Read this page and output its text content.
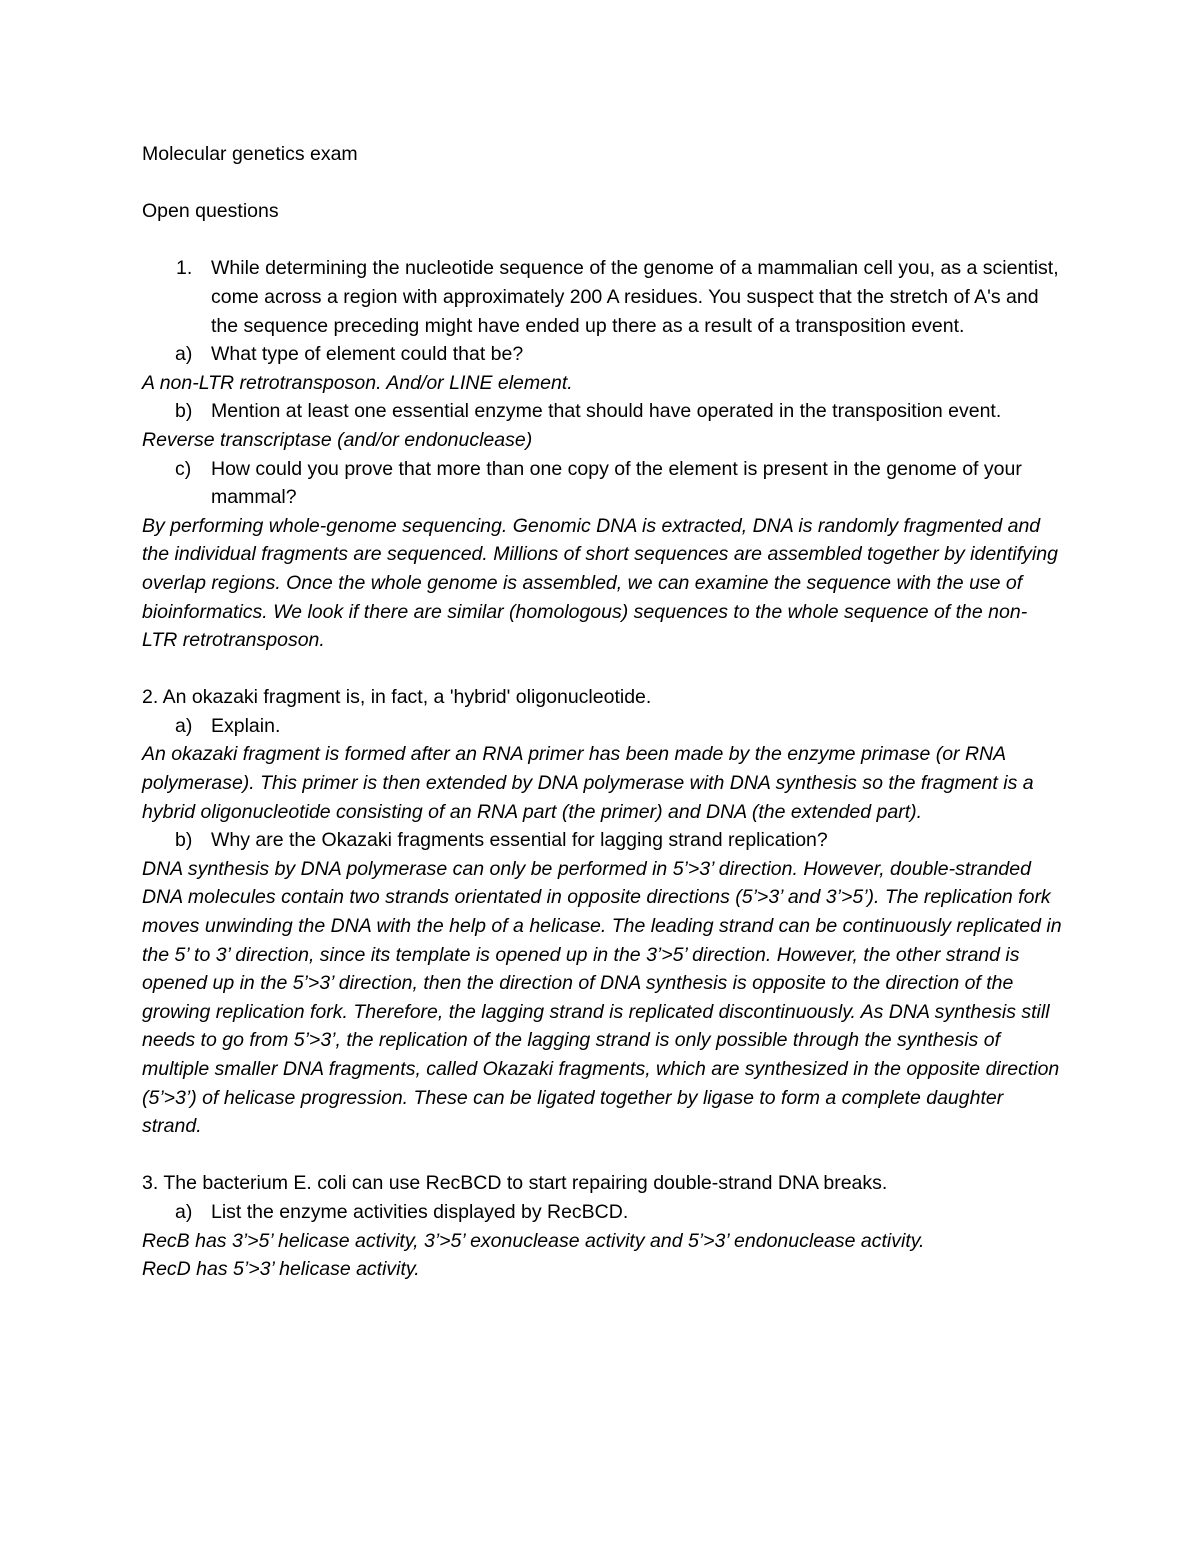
Molecular genetics exam

Open questions

1. While determining the nucleotide sequence of the genome of a mammalian cell you, as a scientist, come across a region with approximately 200 A residues. You suspect that the stretch of A's and the sequence preceding might have ended up there as a result of a transposition event.
a) What type of element could that be?

A non-LTR retrotransposon. And/or LINE element.

b) Mention at least one essential enzyme that should have operated in the transposition event.

Reverse transcriptase (and/or endonuclease)

c) How could you prove that more than one copy of the element is present in the genome of your mammal?

By performing whole-genome sequencing. Genomic DNA is extracted, DNA is randomly fragmented and the individual fragments are sequenced. Millions of short sequences are assembled together by identifying overlap regions. Once the whole genome is assembled, we can examine the sequence with the use of bioinformatics. We look if there are similar (homologous) sequences to the whole sequence of the non-LTR retrotransposon.

2. An okazaki fragment is, in fact, a 'hybrid' oligonucleotide.

a) Explain.

An okazaki fragment is formed after an RNA primer has been made by the enzyme primase (or RNA polymerase). This primer is then extended by DNA polymerase with DNA synthesis so the fragment is a hybrid oligonucleotide consisting of an RNA part (the primer) and DNA (the extended part).

b) Why are the Okazaki fragments essential for lagging strand replication?

DNA synthesis by DNA polymerase can only be performed in 5’>3’ direction. However, double-stranded DNA molecules contain two strands orientated in opposite directions (5’>3’ and 3’>5’). The replication fork moves unwinding the DNA with the help of a helicase. The leading strand can be continuously replicated in the 5’ to 3’ direction, since its template is opened up in the 3’>5’ direction. However, the other strand is opened up in the 5’>3’ direction, then the direction of DNA synthesis is opposite to the direction of the growing replication fork. Therefore, the lagging strand is replicated discontinuously. As DNA synthesis still needs to go from 5’>3’, the replication of the lagging strand is only possible through the synthesis of multiple smaller DNA fragments, called Okazaki fragments, which are synthesized in the opposite direction (5’>3’) of helicase progression. These can be ligated together by ligase to form a complete daughter strand.

3. The bacterium E. coli can use RecBCD to start repairing double-strand DNA breaks.

a) List the enzyme activities displayed by RecBCD.

RecB has 3’>5’ helicase activity, 3’>5’ exonuclease activity and 5’>3’ endonuclease activity.

RecD has 5’>3’ helicase activity.
